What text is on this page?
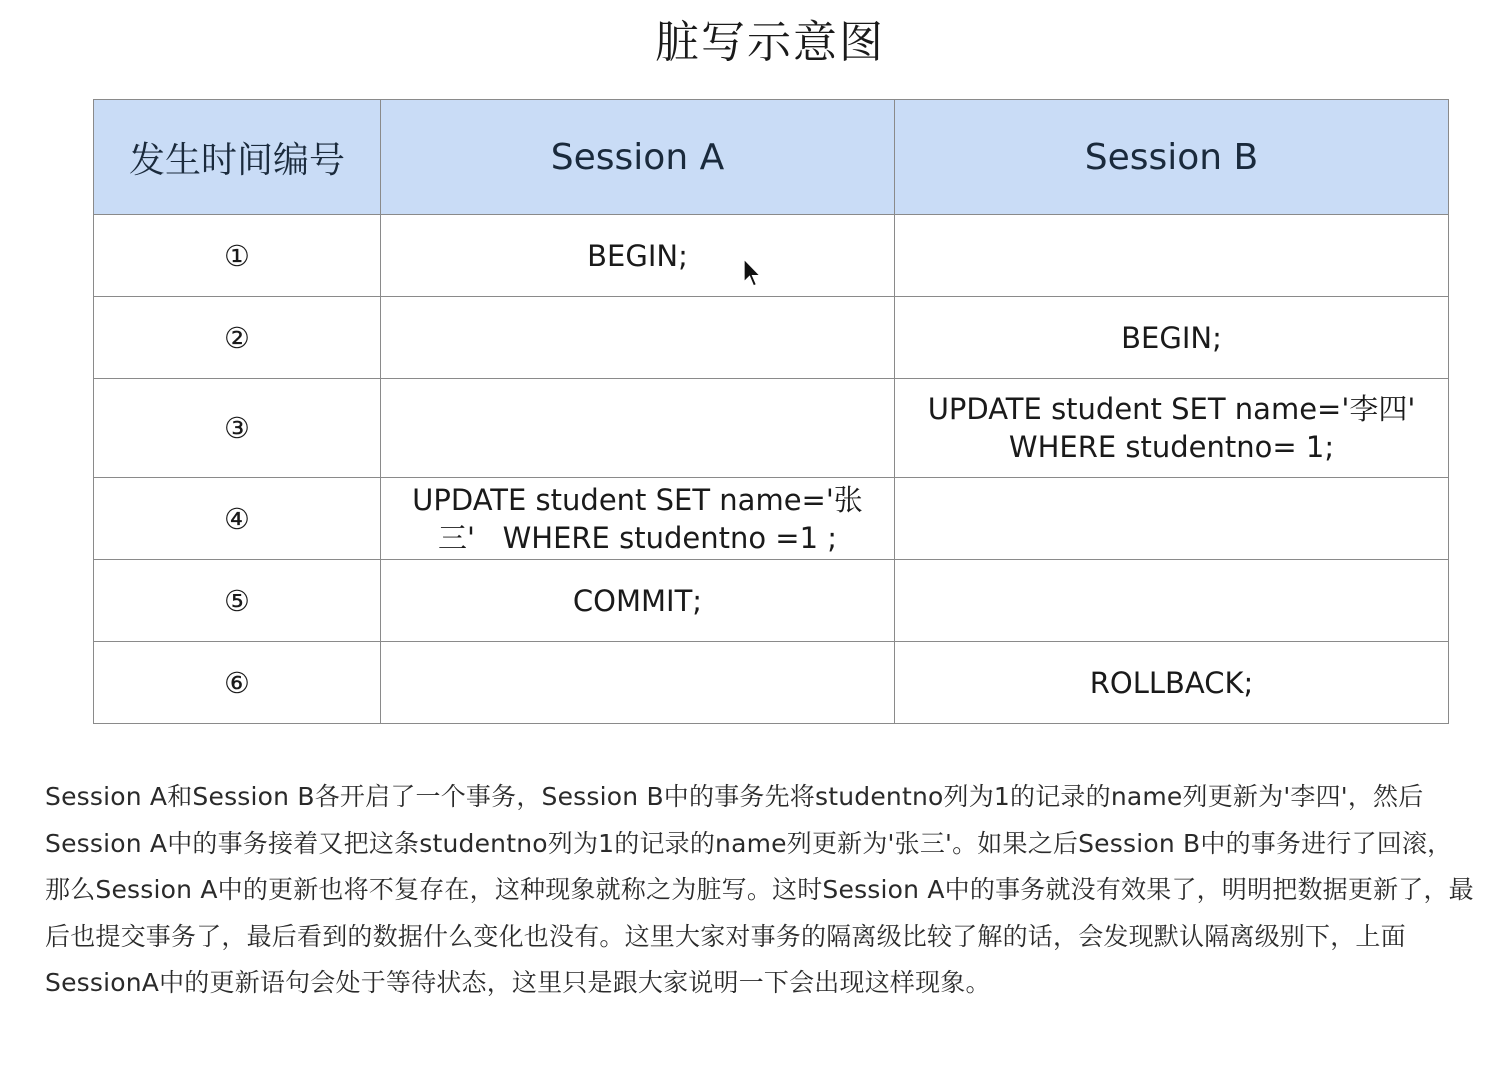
脏写示意图
发生时间编号	Session A	Session B
①	BEGIN;	
②		BEGIN;
③		UPDATE student SET name='李四'
WHERE studentno= 1;
④	UPDATE student SET name='张
三'   WHERE studentno =1 ;	
⑤	COMMIT;	
⑥		ROLLBACK;
Session A和Session B各开启了一个事务，Session B中的事务先将studentno列为1的记录的name列更新为'李四'，然后Session A中的事务接着又把这条studentno列为1的记录的name列更新为'张三'。如果之后Session B中的事务进行了回滚，那么Session A中的更新也将不复存在，这种现象就称之为脏写。这时Session A中的事务就没有效果了，明明把数据更新了，最后也提交事务了，最后看到的数据什么变化也没有。这里大家对事务的隔离级比较了解的话，会发现默认隔离级别下，上面SessionA中的更新语句会处于等待状态，这里只是跟大家说明一下会出现这样现象。
